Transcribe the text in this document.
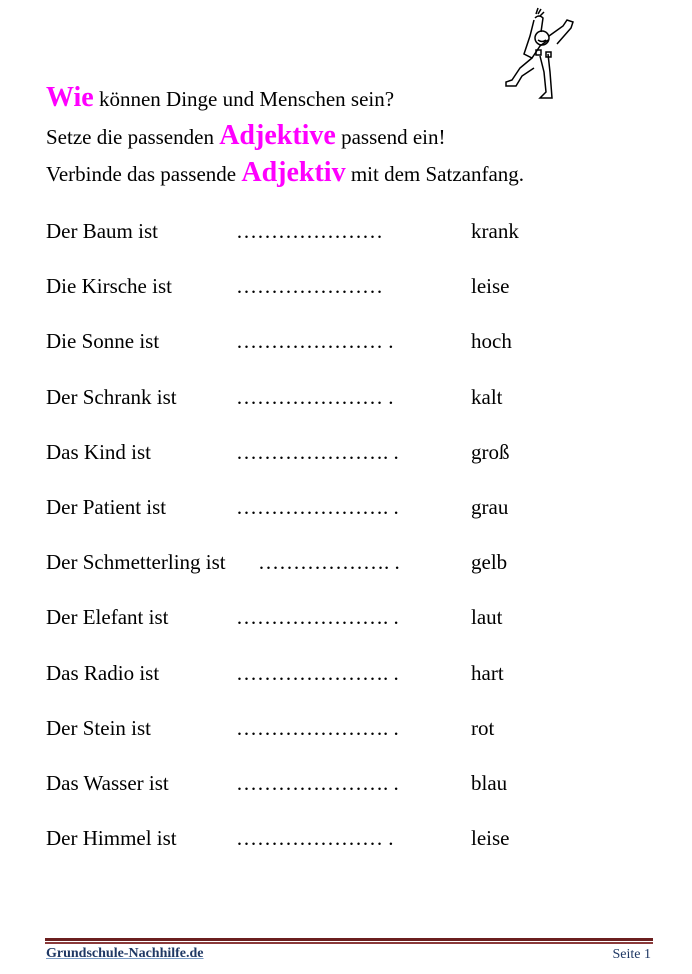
Wie können Dinge und Menschen sein?
Setze die passenden Adjektive passend ein!
Verbinde das passende Adjektiv mit dem Satzanfang.
Der Baum ist	…………………	krank
Die Kirsche ist	…………………	leise
Die Sonne ist	………………… .	hoch
Der Schrank ist	………………… .	kalt
Das Kind ist	…………………. .	groß
Der Patient ist	…………………. .	grau
Der Schmetterling ist ………………. .	gelb
Der Elefant ist	…………………. .	laut
Das Radio ist	…………………. .	hart
Der Stein ist	…………………. .	rot
Das Wasser ist	…………………. .	blau
Der Himmel ist	………………… .	leise
Grundschule-Nachhilfe.de	Seite 1
